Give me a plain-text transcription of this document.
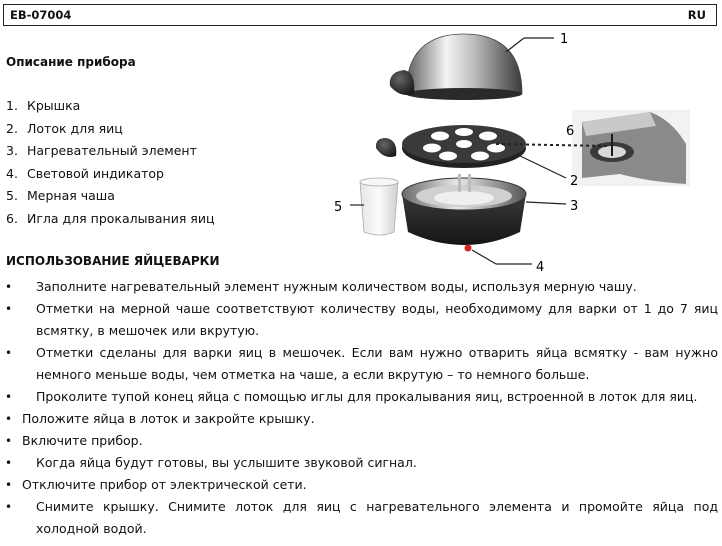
EB-07004	RU
Описание прибора
1. Крышка
2. Лоток для яиц
3. Нагревательный элемент
4. Световой индикатор
5. Мерная чаша
6. Игла для прокалывания яиц
1
2
3
4
5
6
ИСПОЛЬЗОВАНИЕ ЯЙЦЕВАРКИ
•	Заполните нагревательный элемент нужным количеством воды, используя мерную чашу.
•	Отметки на мерной чаше соответствуют количеству воды, необходимому для варки от 1 до 7 яиц всмятку, в мешочек или вкрутую.
•	Отметки сделаны для варки яиц в мешочек. Если вам нужно отварить яйца всмятку - вам нужно немного меньше воды, чем отметка на чаше, а если вкрутую – то немного больше.
•	Проколите тупой конец яйца с помощью иглы для прокалывания яиц, встроенной в лоток для яиц.
• Положите яйца в лоток и закройте крышку.
• Включите прибор.
•	Когда яйца будут готовы, вы услышите звуковой сигнал.
• Отключите прибор от электрической сети.
•	Снимите крышку. Снимите лоток для яиц с нагревательного элемента и промойте яйца под холодной водой.
